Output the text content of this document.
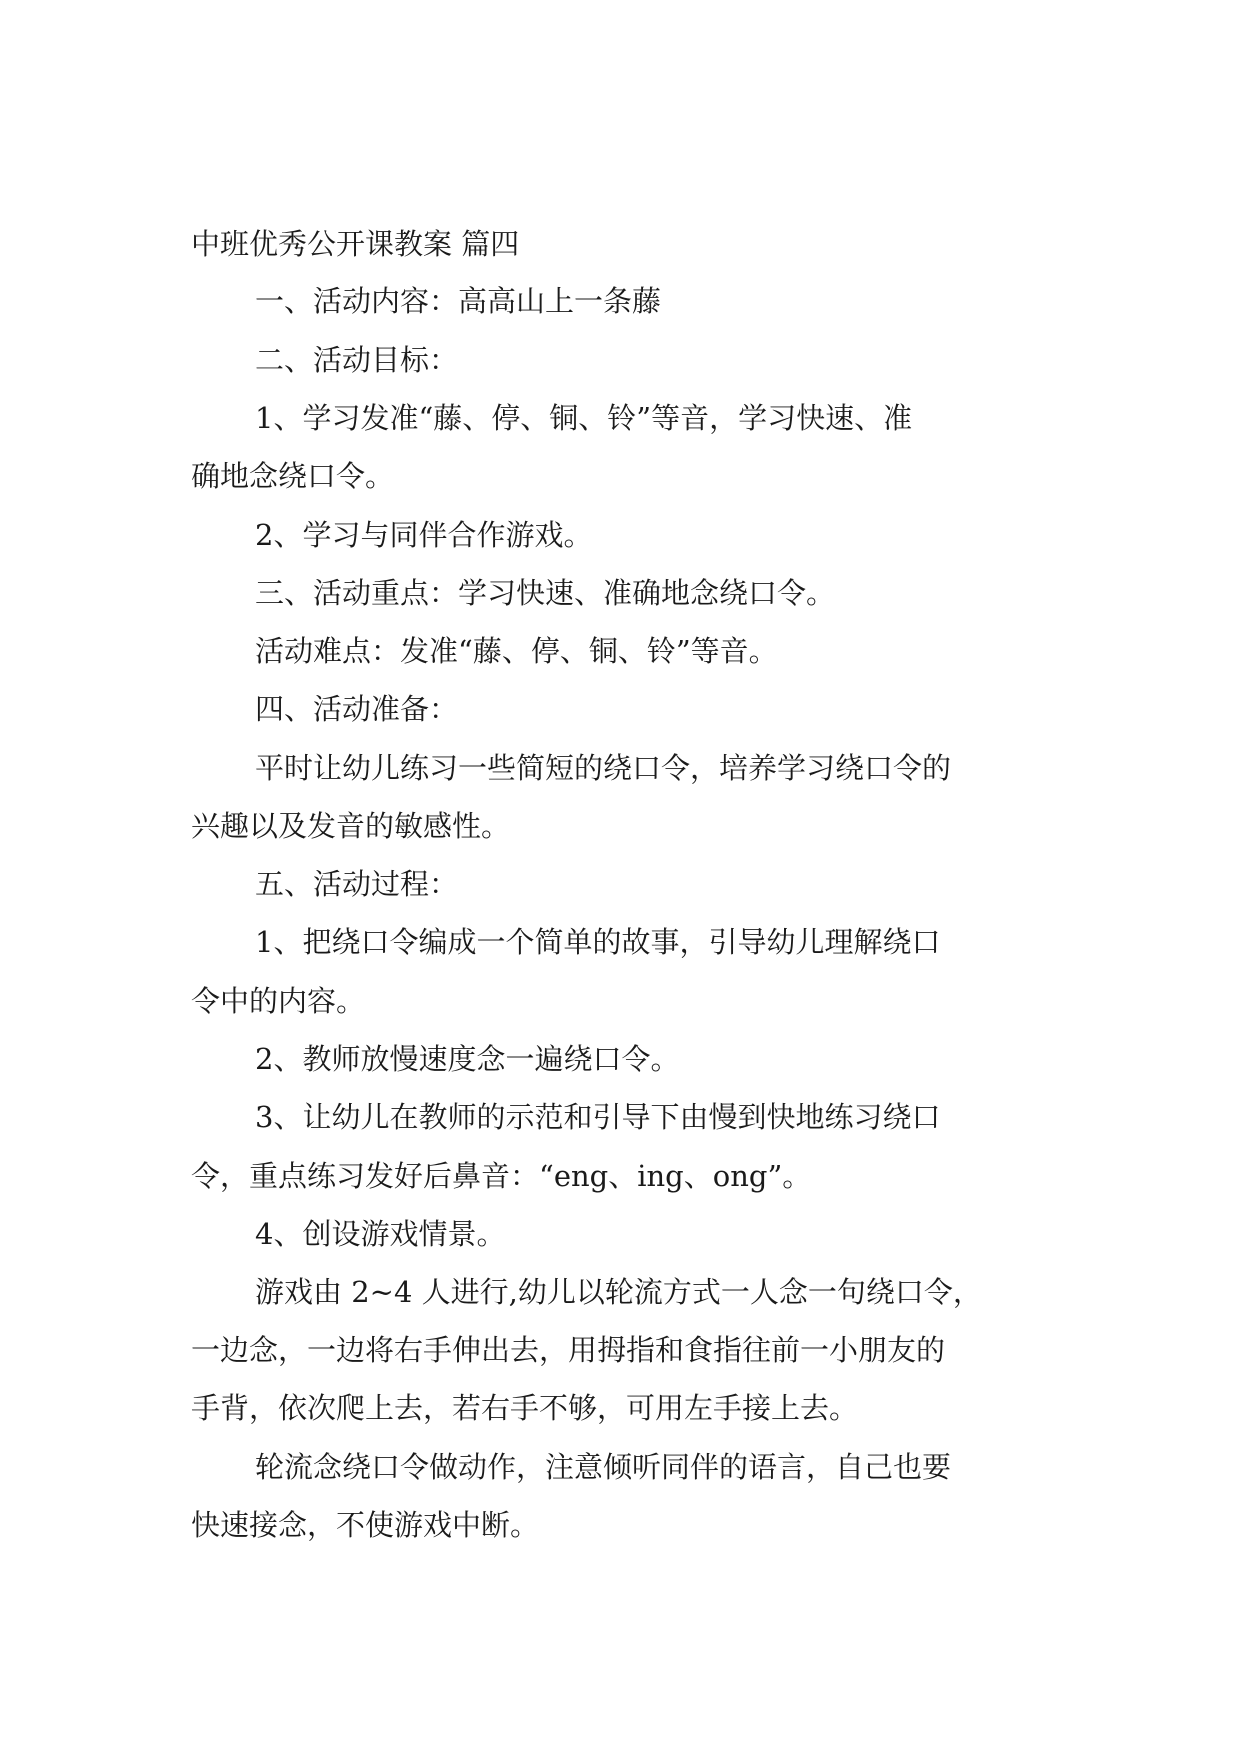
中班优秀公开课教案 篇四
一、活动内容：高高山上一条藤
二、活动目标：
1、学习发准“藤、停、铜、铃”等音，学习快速、准
确地念绕口令。
2、学习与同伴合作游戏。
三、活动重点：学习快速、准确地念绕口令。
活动难点：发准“藤、停、铜、铃”等音。
四、活动准备：
平时让幼儿练习一些简短的绕口令，培养学习绕口令的
兴趣以及发音的敏感性。
五、活动过程：
1、把绕口令编成一个简单的故事，引导幼儿理解绕口
令中的内容。
2、教师放慢速度念一遍绕口令。
3、让幼儿在教师的示范和引导下由慢到快地练习绕口
令，重点练习发好后鼻音：“eng、ing、ong”。
4、创设游戏情景。
游戏由 2~4 人进行,幼儿以轮流方式一人念一句绕口令，
一边念，一边将右手伸出去，用拇指和食指往前一小朋友的
手背，依次爬上去，若右手不够，可用左手接上去。
轮流念绕口令做动作，注意倾听同伴的语言，自己也要
快速接念，不使游戏中断。
